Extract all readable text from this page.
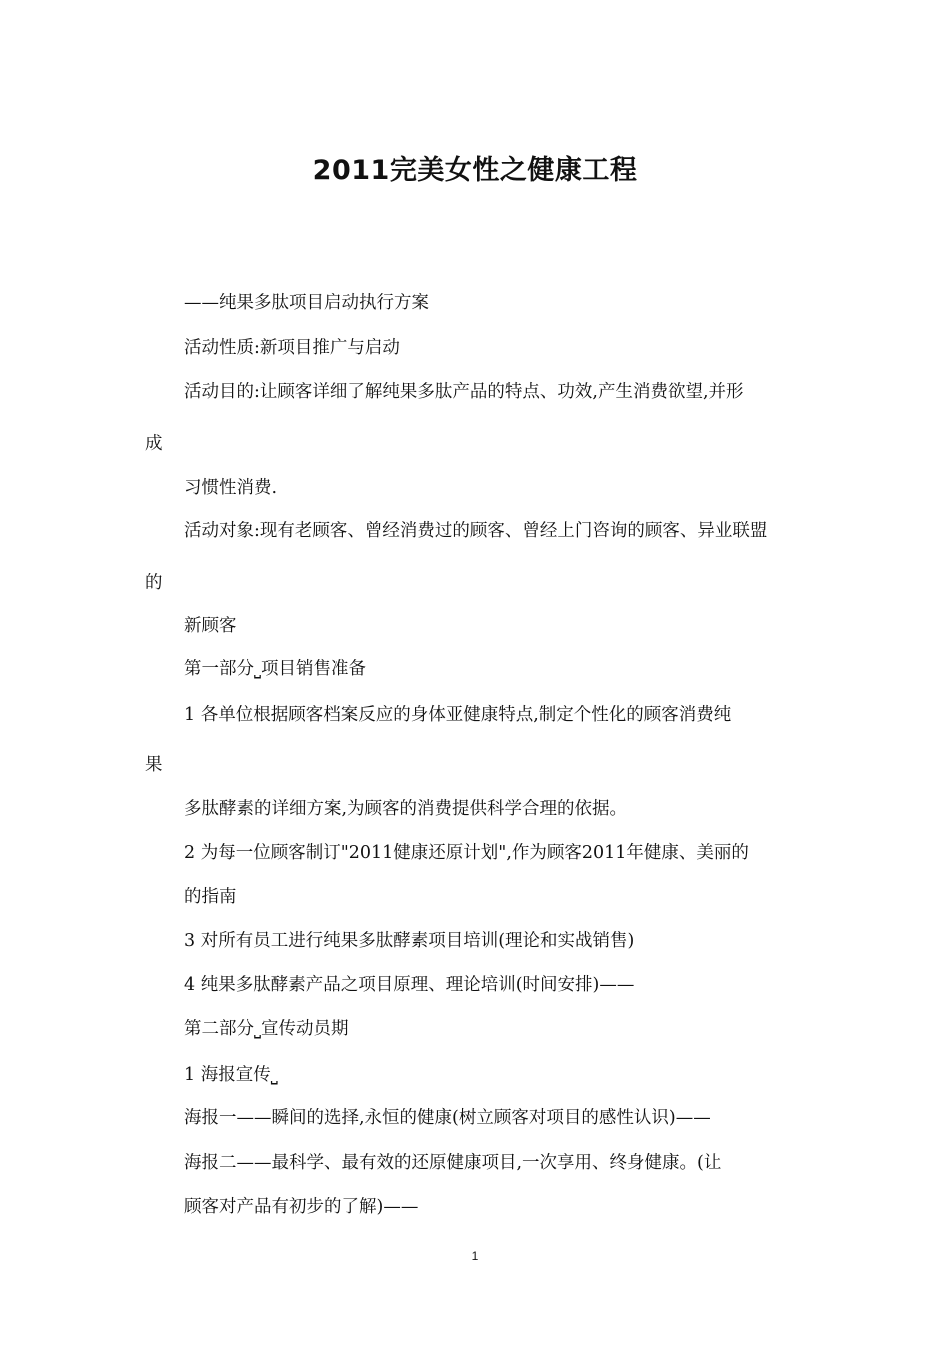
2011完美女性之健康工程
——纯果多肽项目启动执行方案
活动性质:新项目推广与启动
活动目的:让顾客详细了解纯果多肽产品的特点、功效,产生消费欲望,并形
成
习惯性消费.
活动对象:现有老顾客、曾经消费过的顾客、曾经上门咨询的顾客、异业联盟
的
新顾客
第一部分⎵项目销售准备
1 各单位根据顾客档案反应的身体亚健康特点,制定个性化的顾客消费纯
果
多肽酵素的详细方案,为顾客的消费提供科学合理的依据。
2 为每一位顾客制订"2011健康还原计划",作为顾客2011年健康、美丽的
的指南
3 对所有员工进行纯果多肽酵素项目培训(理论和实战销售)
4 纯果多肽酵素产品之项目原理、理论培训(时间安排)——
第二部分⎵宣传动员期
1 海报宣传⎵
海报一——瞬间的选择,永恒的健康(树立顾客对项目的感性认识)——
海报二——最科学、最有效的还原健康项目,一次享用、终身健康。(让
顾客对产品有初步的了解)——
1
